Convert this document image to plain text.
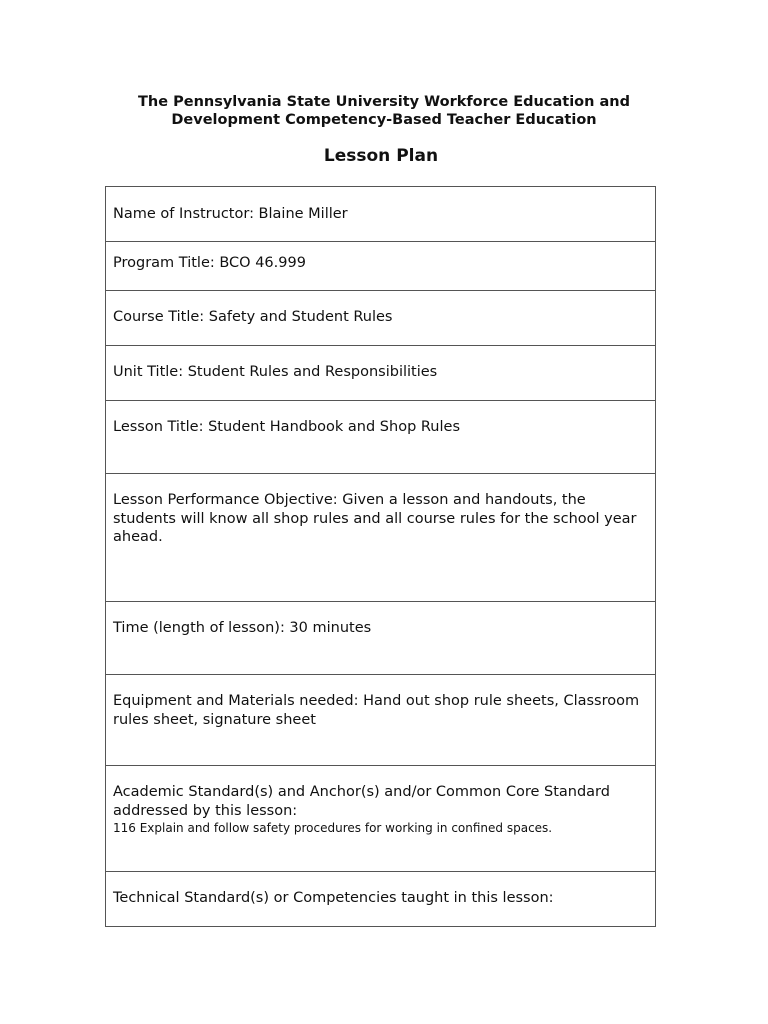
The Pennsylvania State University Workforce Education and
Development Competency-Based Teacher Education
Lesson Plan
Name of Instructor: Blaine Miller
Program Title: BCO 46.999
Course Title: Safety and Student Rules
Unit Title: Student Rules and Responsibilities
Lesson Title: Student Handbook and Shop Rules
Lesson Performance Objective: Given a lesson and handouts, the students will know all shop rules and all course rules for the school year ahead.
Time (length of lesson): 30 minutes
Equipment and Materials needed: Hand out shop rule sheets, Classroom rules sheet, signature sheet
Academic Standard(s) and Anchor(s) and/or Common Core Standard addressed by this lesson:
116 Explain and follow safety procedures for working in confined spaces.
Technical Standard(s) or Competencies taught in this lesson:
